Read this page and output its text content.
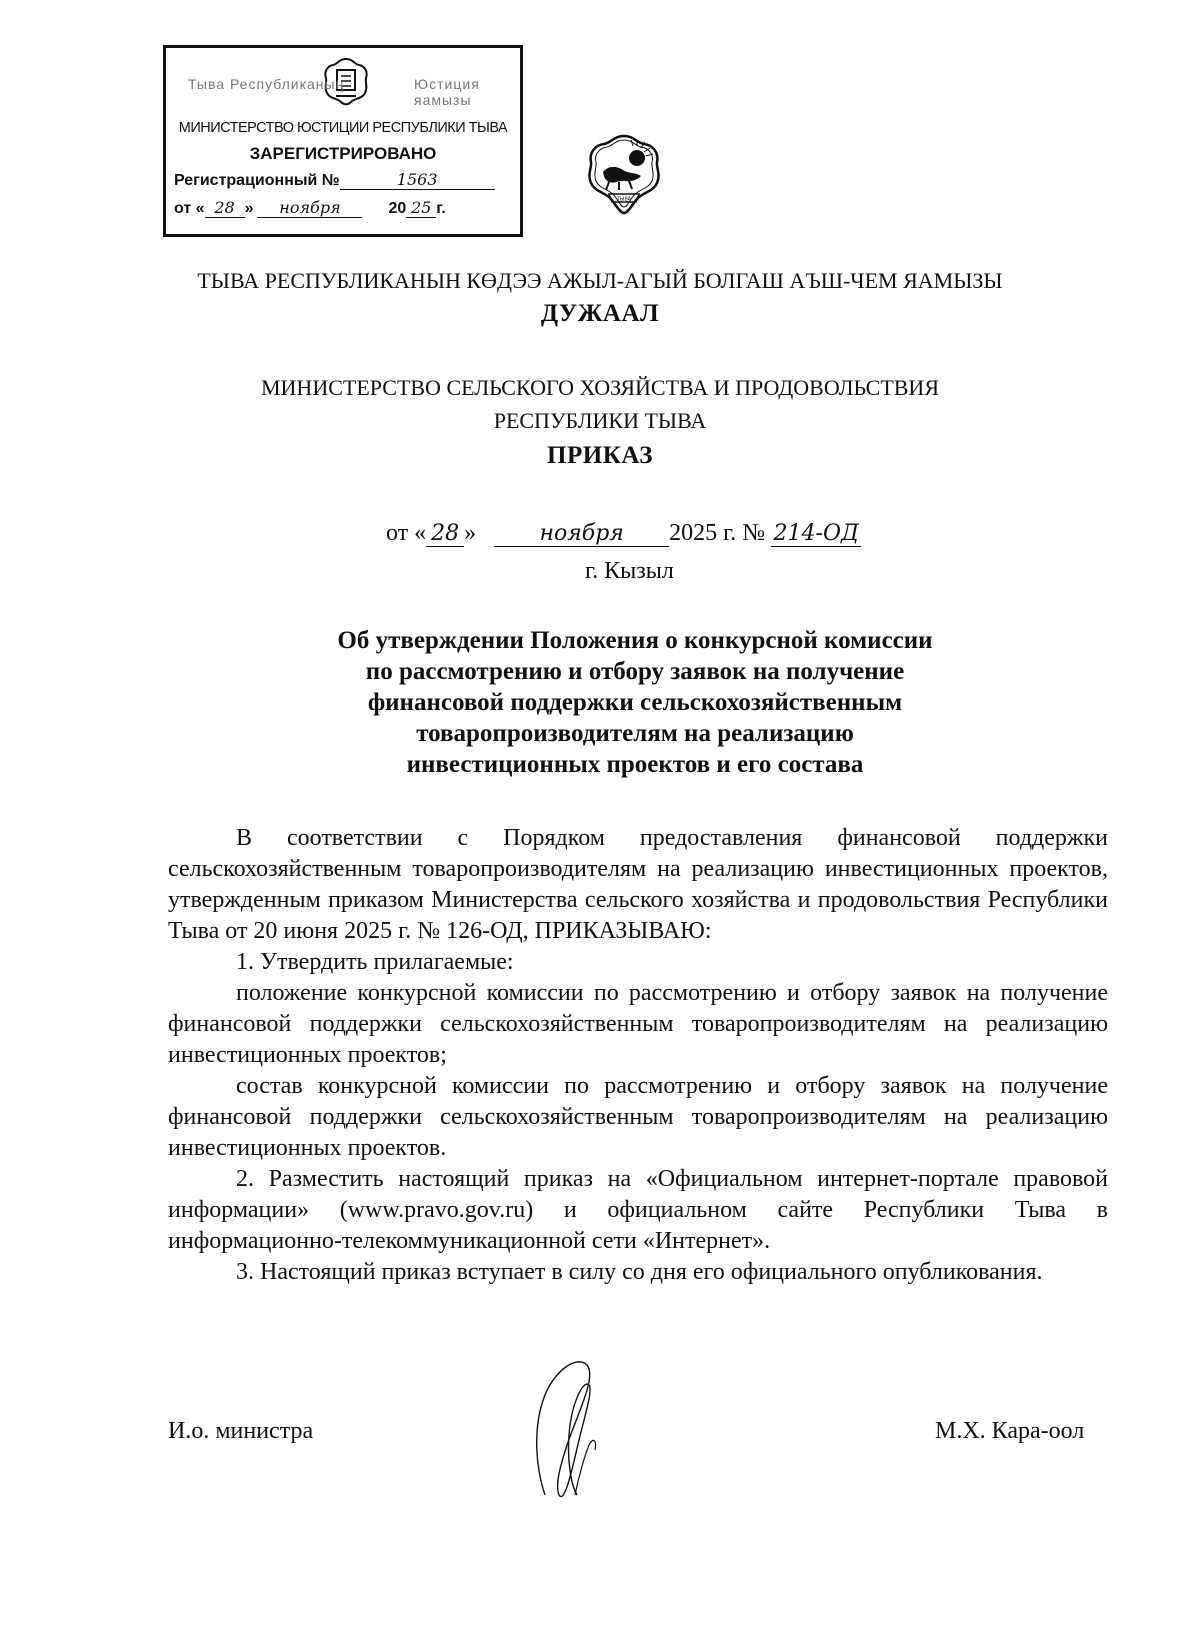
Тыва Республиканың	Юстиция яамызы
МИНИСТЕРСТВО ЮСТИЦИИ РЕСПУБЛИКИ ТЫВА
ЗАРЕГИСТРИРОВАНО
Регистрационный №	1563
от « 28 » ноября	20 25 г.
ТЫВА
ТЫВА РЕСПУБЛИКАНЫН КӨДЭЭ АЖЫЛ-АГЫЙ БОЛГАШ АЪШ-ЧЕМ ЯАМЫЗЫ
ДУЖААЛ
МИНИСТЕРСТВО СЕЛЬСКОГО ХОЗЯЙСТВА И ПРОДОВОЛЬСТВИЯ
РЕСПУБЛИКИ ТЫВА
ПРИКАЗ
от « 28 »	ноября 2025 г. № 214-ОД
г. Кызыл
Об утверждении Положения о конкурсной комиссии
по рассмотрению и отбору заявок на получение
финансовой поддержки сельскохозяйственным
товаропроизводителям на реализацию
инвестиционных проектов и его состава

В соответствии с Порядком предоставления финансовой поддержки сельскохозяйственным товаропроизводителям на реализацию инвестиционных проектов, утвержденным приказом Министерства сельского хозяйства и продовольствия Республики Тыва от 20 июня 2025 г. № 126-ОД, ПРИКАЗЫВАЮ:

1. Утвердить прилагаемые:

положение конкурсной комиссии по рассмотрению и отбору заявок на получение финансовой поддержки сельскохозяйственным товаропроизводителям на реализацию инвестиционных проектов;

состав конкурсной комиссии по рассмотрению и отбору заявок на получение финансовой поддержки сельскохозяйственным товаропроизводителям на реализацию инвестиционных проектов.

2. Разместить настоящий приказ на «Официальном интернет-портале правовой информации» (www.pravo.gov.ru) и официальном сайте Республики Тыва в информационно-телекоммуникационной сети «Интернет».

3. Настоящий приказ вступает в силу со дня его официального опубликования.

И.о. министра	М.Х. Кара-оол
